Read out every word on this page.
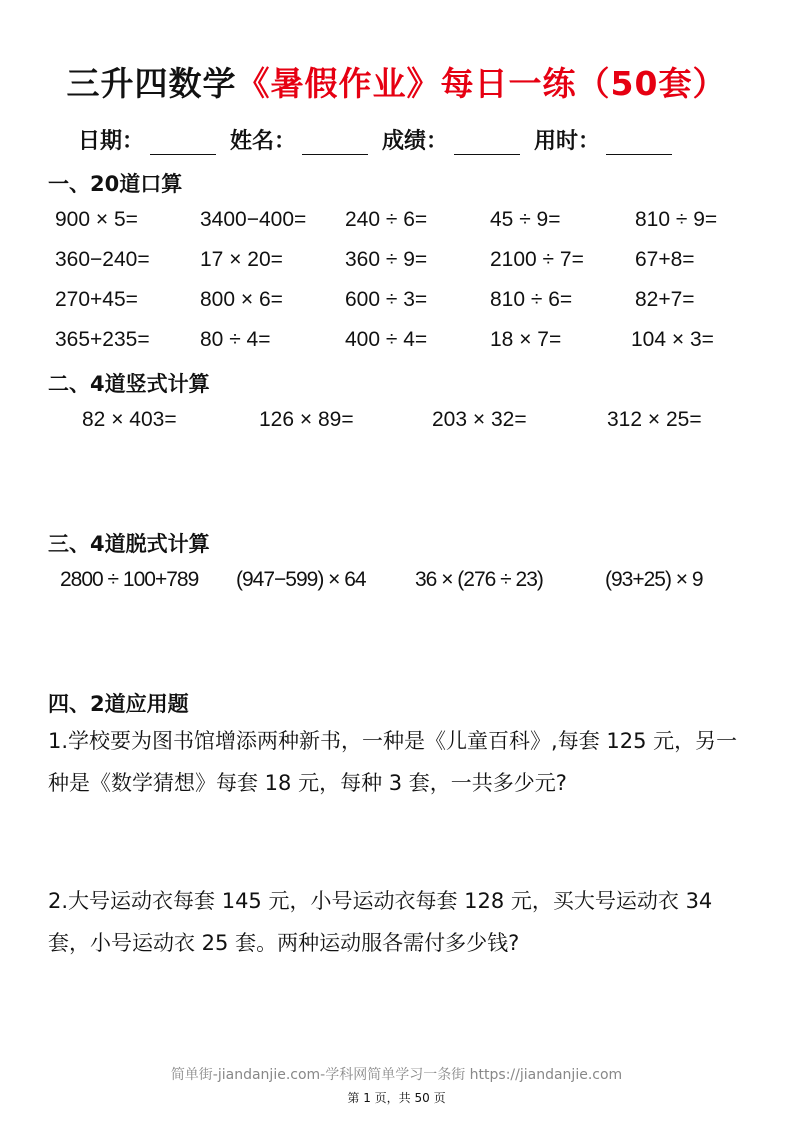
三升四数学《暑假作业》每日一练（50套）
日期：	姓名：	成绩：	用时：
一、20道口算
900 × 5=	3400−400= 240 ÷ 6=	45 ÷ 9=	810 ÷ 9=
360−240= 17 × 20=	360 ÷ 9=	2100 ÷ 7= 67+8=
270+45=	800 × 6=	600 ÷ 3=	810 ÷ 6=	82+7=
365+235= 80 ÷ 4=	400 ÷ 4=	18 × 7=	104 × 3=
二、4道竖式计算
82 × 403=	126 × 89=	203 × 32=	312 × 25=
三、4道脱式计算
2800 ÷ 100+789 (947−599) × 64 36 × (276 ÷ 23)	(93+25) × 9
四、2道应用题
1.学校要为图书馆增添两种新书，一种是《儿童百科》,每套 125 元，另一种是《数学猜想》每套 18 元，每种 3 套，一共多少元?
2.大号运动衣每套 145 元，小号运动衣每套 128 元，买大号运动衣 34 套，小号运动衣 25 套。两种运动服各需付多少钱?
简单街-jiandanjie.com-学科网简单学习一条街 https://jiandanjie.com
第 1 页，共 50 页
